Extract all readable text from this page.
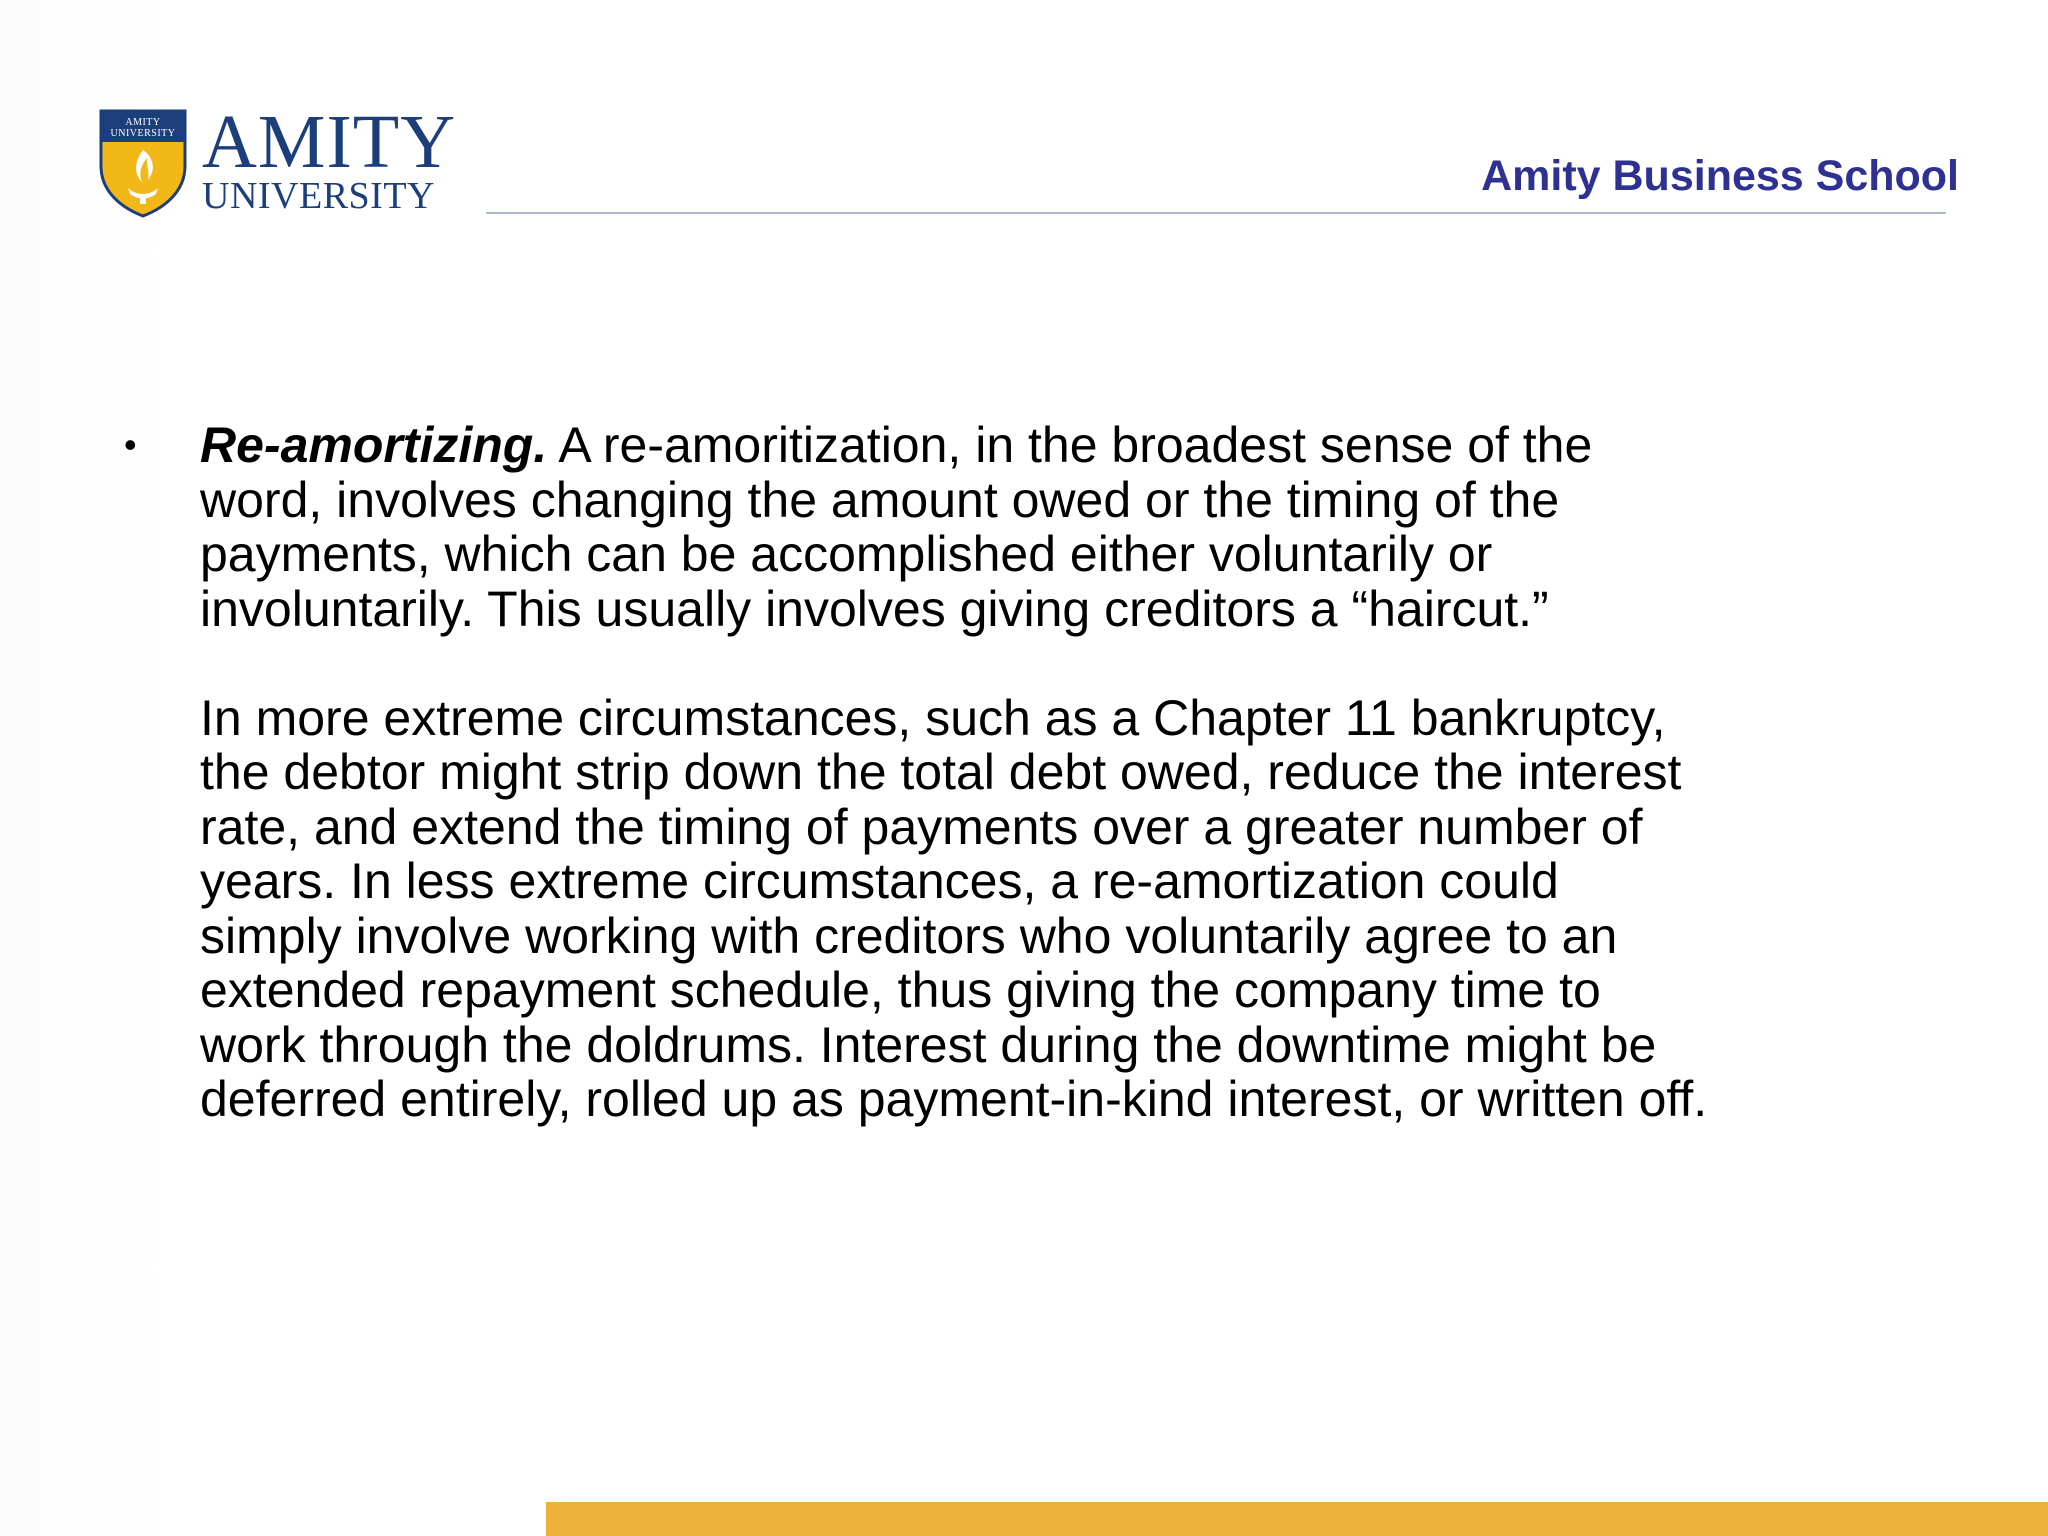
AMITY
UNIVERSITY AMITY
UNIVERSITY	Amity Business School
• Re-amortizing. A re-amoritization, in the broadest sense of the
word, involves changing the amount owed or the timing of the
payments, which can be accomplished either voluntarily or
involuntarily. This usually involves giving creditors a “haircut.”

In more extreme circumstances, such as a Chapter 11 bankruptcy,
the debtor might strip down the total debt owed, reduce the interest
rate, and extend the timing of payments over a greater number of
years. In less extreme circumstances, a re-amortization could
simply involve working with creditors who voluntarily agree to an
extended repayment schedule, thus giving the company time to
work through the doldrums. Interest during the downtime might be
deferred entirely, rolled up as payment-in-kind interest, or written off.
